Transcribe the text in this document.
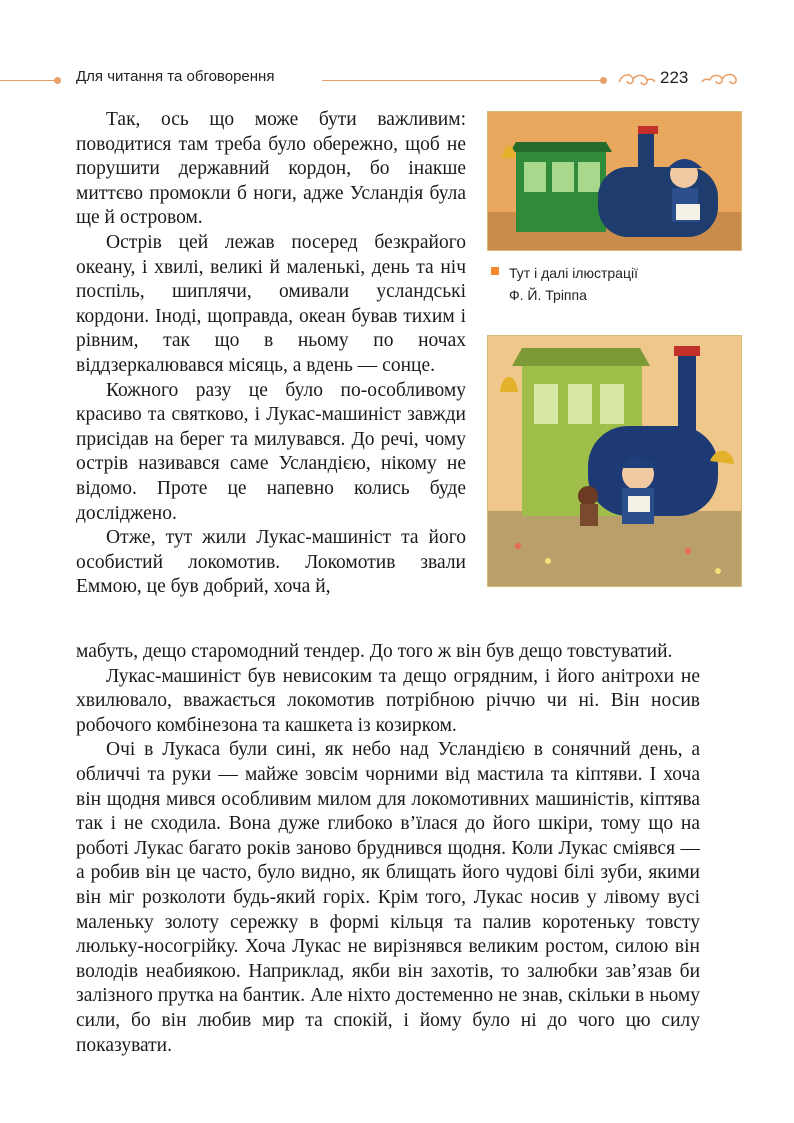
Для читання та обговорення	223

Так, ось що може бути важливим: поводитися там треба було обережно, щоб не порушити державний кордон, бо інакше миттєво промокли б ноги, адже Усландія була ще й островом.

Острів цей лежав посеред безкрайого океану, і хвилі, великі й маленькі, день та ніч поспіль, шиплячи, омивали усландські кордони. Іноді, щоправда, океан бував тихим і рівним, так що в ньому по ночах віддзеркалювався місяць, а вдень — сонце.

Кожного разу це було по-особливому красиво та святково, і Лукас-машиніст завжди присідав на берег та милувався. До речі, чому острів називався саме Усландією, нікому не відомо. Проте це напевно колись буде досліджено.

Отже, тут жили Лукас-машиніст та його особистий локомотив. Локомотив звали Еммою, це був добрий, хоча й,

Тут і далі ілюстрації
Ф. Й. Тріппа

мабуть, дещо старомодний тендер. До того ж він був дещо товстуватий.

Лукас-машиніст був невисоким та дещо огрядним, і його анітрохи не хвилювало, вважається локомотив потрібною річчю чи ні. Він носив робочого комбінезона та кашкета із козирком.

Очі в Лукаса були сині, як небо над Усландією в сонячний день, а обличчі та руки — майже зовсім чорними від мастила та кіптяви. І хоча він щодня мився особливим милом для локомотивних машиністів, кіптява так і не сходила. Вона дуже глибоко в’їлася до його шкіри, тому що на роботі Лукас багато років заново бруднився щодня. Коли Лукас сміявся — а робив він це часто, було видно, як блищать його чудові білі зуби, якими він міг розколоти будь-який горіх. Крім того, Лукас носив у лівому вусі маленьку золоту сережку в формі кільця та палив коротеньку товсту люльку-носогрійку. Хоча Лукас не вирізнявся великим ростом, силою він володів неабиякою. Наприклад, якби він захотів, то залюбки зав’язав би залізного прутка на бантик. Але ніхто достеменно не знав, скільки в ньому сили, бо він любив мир та спокій, і йому було ні до чого цю силу показувати.
